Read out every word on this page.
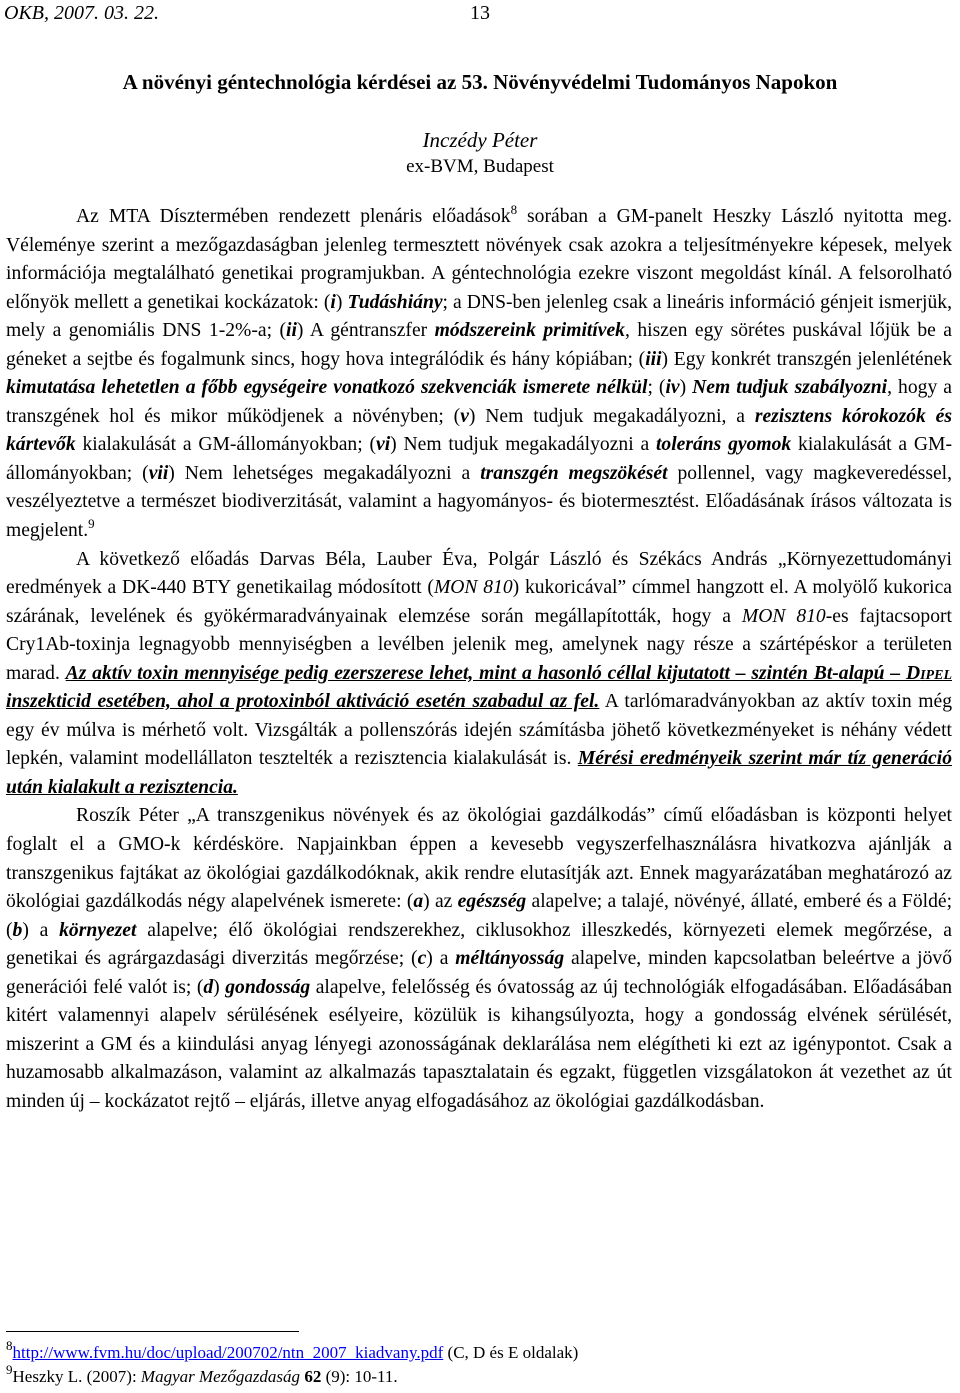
OKB, 2007. 03. 22.	13
A növényi géntechnológia kérdései az 53. Növényvédelmi Tudományos Napokon
Inczédy Péter
ex-BVM, Budapest

Az MTA Dísztermében rendezett plenáris előadások$^8$ sorában a GM-panelt Heszky László nyitotta meg. Véleménye szerint a mezőgazdaságban jelenleg termesztett növények csak azokra a teljesítményekre képesek, melyek információja megtalálható genetikai programjukban. A géntechnológia ezekre viszont megoldást kínál. A felsorolható előnyök mellett a genetikai kockázatok: (i) Tudáshiány; a DNS-ben jelenleg csak a lineáris információ génjeit ismerjük, mely a genomiális DNS 1-2%-a; (ii) A géntranszfer módszereink primitívek, hiszen egy sörétes puskával lőjük be a géneket a sejtbe és fogalmunk sincs, hogy hova integrálódik és hány kópiában; (iii) Egy konkrét transzgén jelenlétének kimutatása lehetetlen a főbb egységeire vonatkozó szekvenciák ismerete nélkül; (iv) Nem tudjuk szabályozni, hogy a transzgének hol és mikor működjenek a növényben; (v) Nem tudjuk megakadályozni, a rezisztens kórokozók és kártevők kialakulását a GM-állományokban; (vi) Nem tudjuk megakadályozni a toleráns gyomok kialakulását a GM-állományokban; (vii) Nem lehetséges megakadályozni a transzgén megszökését pollennel, vagy magkeveredéssel, veszélyeztetve a természet biodiverzitását, valamint a hagyományos- és biotermesztést. Előadásának írásos változata is megjelent.$^9$

A következő előadás Darvas Béla, Lauber Éva, Polgár László és Székács András „Környezettudományi eredmények a DK-440 BTY genetikailag módosított (MON 810) kukoricával” címmel hangzott el. A molyölő kukorica szárának, levelének és gyökérmaradványainak elemzése során megállapították, hogy a MON 810-es fajtacsoport Cry1Ab-toxinja legnagyobb mennyiségben a levélben jelenik meg, amelynek nagy része a szártépéskor a területen marad. Az aktív toxin mennyisége pedig ezerszerese lehet, mint a hasonló céllal kijutatott – szintén Bt-alapú – Dipel inszekticid esetében, ahol a protoxinból aktiváció esetén szabadul az fel. A tarlómaradványokban az aktív toxin még egy év múlva is mérhető volt. Vizsgálták a pollenszórás idején számításba jöhető következményeket is néhány védett lepkén, valamint modellállaton tesztelték a rezisztencia kialakulását is. Mérési eredményeik szerint már tíz generáció után kialakult a rezisztencia.

Roszík Péter „A transzgenikus növények és az ökológiai gazdálkodás” című előadásban is központi helyet foglalt el a GMO-k kérdésköre. Napjainkban éppen a kevesebb vegyszerfelhasználásra hivatkozva ajánlják a transzgenikus fajtákat az ökológiai gazdálkodóknak, akik rendre elutasítják azt. Ennek magyarázatában meghatározó az ökológiai gazdálkodás négy alapelvének ismerete: (a) az egészség alapelve; a talajé, növényé, állaté, emberé és a Földé; (b) a környezet alapelve; élő ökológiai rendszerekhez, ciklusokhoz illeszkedés, környezeti elemek megőrzése, a genetikai és agrárgazdasági diverzitás megőrzése; (c) a méltányosság alapelve, minden kapcsolatban beleértve a jövő generációi felé valót is; (d) gondosság alapelve, felelősség és óvatosság az új technológiák elfogadásában. Előadásában kitért valamennyi alapelv sérülésének esélyeire, közülük is kihangsúlyozta, hogy a gondosság elvének sérülését, miszerint a GM és a kiindulási anyag lényegi azonosságának deklarálása nem elégítheti ki ezt az igénypontot. Csak a huzamosabb alkalmazáson, valamint az alkalmazás tapasztalatain és egzakt, független vizsgálatokon át vezethet az út minden új – kockázatot rejtő – eljárás, illetve anyag elfogadásához az ökológiai gazdálkodásban.

$^8$http://www.fvm.hu/doc/upload/200702/ntn_2007_kiadvany.pdf (C, D és E oldalak)
$^9$Heszky L. (2007): Magyar Mezőgazdaság 62 (9): 10-11.
